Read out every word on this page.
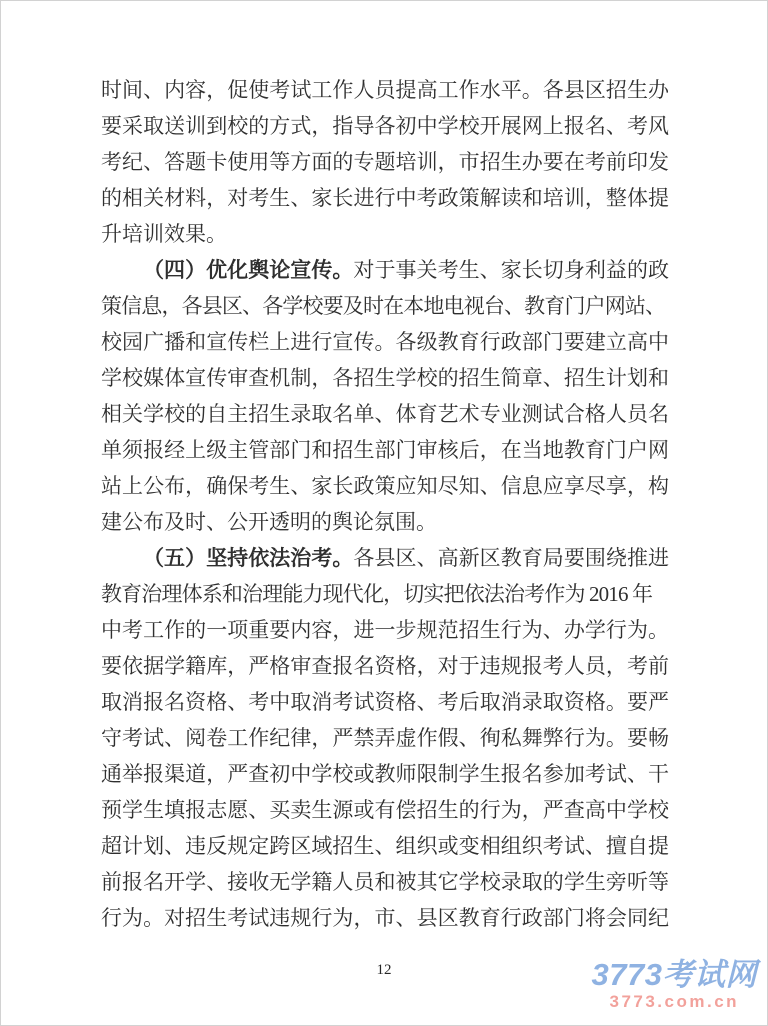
时间、内容，促使考试工作人员提高工作水平。各县区招生办
要采取送训到校的方式，指导各初中学校开展网上报名、考风
考纪、答题卡使用等方面的专题培训，市招生办要在考前印发
的相关材料，对考生、家长进行中考政策解读和培训，整体提
升培训效果。
（四）优化舆论宣传。对于事关考生、家长切身利益的政
策信息，各县区、各学校要及时在本地电视台、教育门户网站、
校园广播和宣传栏上进行宣传。各级教育行政部门要建立高中
学校媒体宣传审查机制，各招生学校的招生简章、招生计划和
相关学校的自主招生录取名单、体育艺术专业测试合格人员名
单须报经上级主管部门和招生部门审核后，在当地教育门户网
站上公布，确保考生、家长政策应知尽知、信息应享尽享，构
建公布及时、公开透明的舆论氛围。
（五）坚持依法治考。各县区、高新区教育局要围绕推进
教育治理体系和治理能力现代化，切实把依法治考作为 2016 年
中考工作的一项重要内容，进一步规范招生行为、办学行为。
要依据学籍库，严格审查报名资格，对于违规报考人员，考前
取消报名资格、考中取消考试资格、考后取消录取资格。要严
守考试、阅卷工作纪律，严禁弄虚作假、徇私舞弊行为。要畅
通举报渠道，严查初中学校或教师限制学生报名参加考试、干
预学生填报志愿、买卖生源或有偿招生的行为，严查高中学校
超计划、违反规定跨区域招生、组织或变相组织考试、擅自提
前报名开学、接收无学籍人员和被其它学校录取的学生旁听等
行为。对招生考试违规行为，市、县区教育行政部门将会同纪
12	3773考试网
3773.com.cn
